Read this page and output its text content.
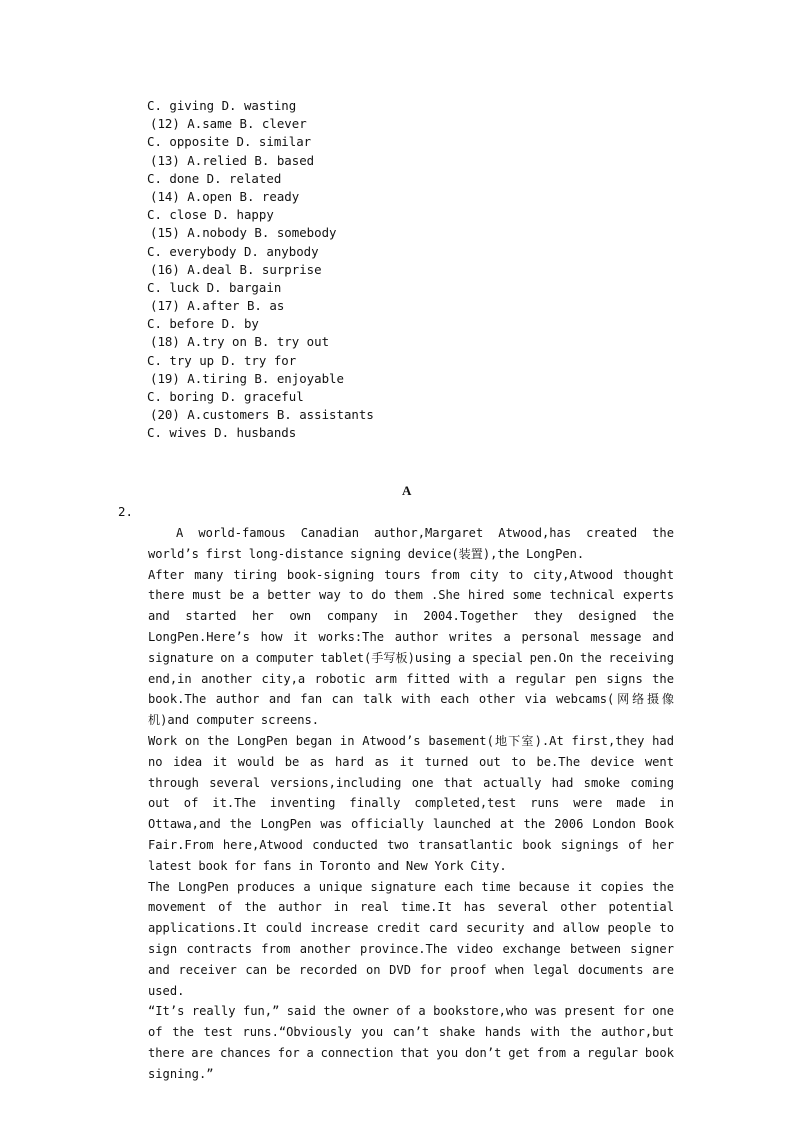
C. giving D. wasting
(12) A.same B. clever
C. opposite D. similar
(13) A.relied B. based
C. done D. related
(14) A.open B. ready
C. close D. happy
(15) A.nobody B. somebody
C. everybody D. anybody
(16) A.deal B. surprise
C. luck D. bargain
(17) A.after B. as
C. before D. by
(18) A.try on B. try out
C. try up D. try for
(19) A.tiring B. enjoyable
C. boring D. graceful
(20) A.customers B. assistants
C. wives D. husbands
A
2.

A world-famous Canadian author,Margaret Atwood,has created the world’s first long-distance signing device(装置),the LongPen.

After many tiring book-signing tours from city to city,Atwood thought there must be a better way to do them .She hired some technical experts and started her own company in 2004.Together they designed the LongPen.Here’s how it works:The author writes a personal message and signature on a computer tablet(手写板)using a special pen.On the receiving end,in another city,a robotic arm fitted with a regular pen signs the book.The author and fan can talk with each other via webcams(网络摄像机)and computer screens.

Work on the LongPen began in Atwood’s basement(地下室).At first,they had no idea it would be as hard as it turned out to be.The device went through several versions,including one that actually had smoke coming out of it.The inventing finally completed,test runs were made in Ottawa,and the LongPen was officially launched at the 2006 London Book Fair.From here,Atwood conducted two transatlantic book signings of her latest book for fans in Toronto and New York City.

The LongPen produces a unique signature each time because it copies the movement of the author in real time.It has several other potential applications.It could increase credit card security and allow people to sign contracts from another province.The video exchange between signer and receiver can be recorded on DVD for proof when legal documents are used.

“It’s really fun,” said the owner of a bookstore,who was present for one of the test runs.“Obviously you can’t shake hands with the author,but there are chances for a connection that you don’t get from a regular book signing.”
